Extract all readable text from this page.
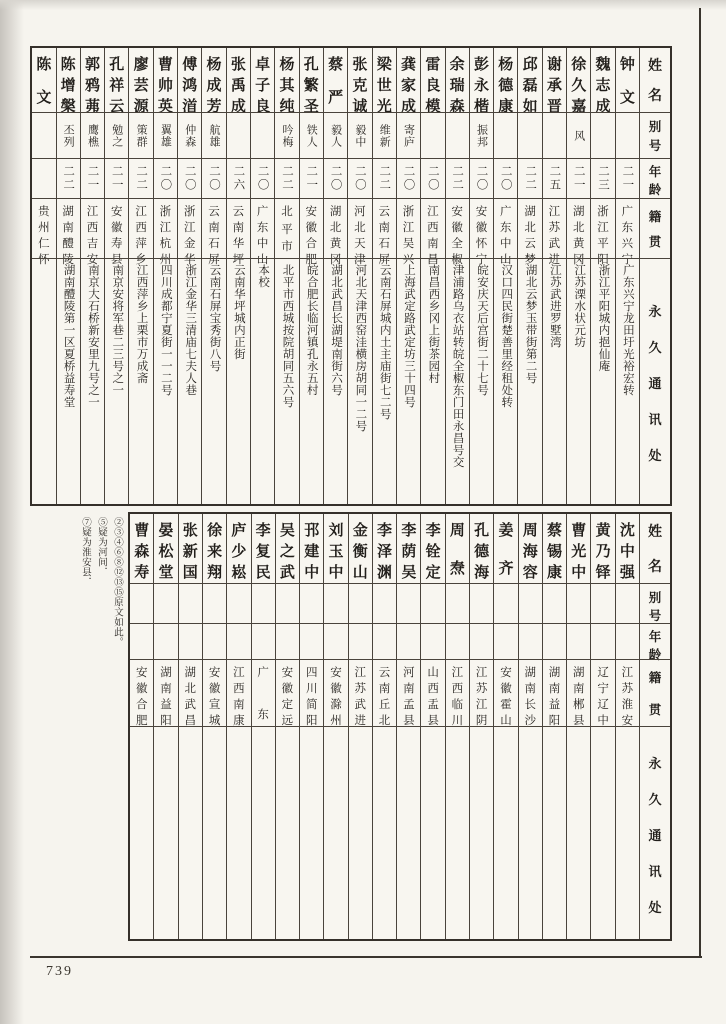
姓
名
别
号
年
龄
籍
贯
永
久
通
讯
处
钟
文
二一
广
东
兴
宁
广东兴宁龙田圩光裕宏转
魏
志
成
二三
浙
江
平
阳
浙江平阳城内挹仙庵
徐
久
嘉
风
二一
湖
北
黄
冈
江苏溧水状元坊
谢
承
晋
二五
江
苏
武
进
江苏武进罗墅湾
邱
磊
如
二二
湖
北
云
梦
湖北云梦玉带街第二号
杨
德
康
二〇
广
东
中
山
汉口四民街楚善里经租处转
彭
永
楷
振邦
二〇
安
徽
怀
宁
皖安庆天后宫街二十七号
余
瑞
森
二二
安
徽
全
椒
津浦路乌衣站转皖全椒东门田永昌号交
雷
良
模
二〇
江
西
南
昌
南昌西乡冈上街茶园村
龚
家
成
寄庐
二〇
浙
江
吴
兴
上海武定路武定坊三十四号
梁
世
光
维新
二二
云
南
石
屏
云南石屏城内土主庙街七二号
张
克
诚
毅中
二〇
河
北
天
津
河北天津西窑洼横房胡同一二号
蔡
严
毅人
二〇
湖
北
黄
冈
湖北武昌长湖堤南街六号
孔
繁
圣
铁人
二一
安
徽
合
肥
皖合肥长临河镇孔永五村
杨
其
纯
吟梅
二二
北
平
市
北平市西城按院胡同五六号
卓
子
良
二〇
广
东
中
山
本校
张
禹
成
二六
云
南
华
坪
云南华坪城内正街
杨
成
芳
航雄
二〇
云
南
石
屏
云南石屏宝秀街八号
傅
鸿
渞
仲森
二〇
浙
江
金
华
浙江金华三清庙七夫人巷
曹
帅
英
翼雄
二〇
浙
江
杭
州
四川成都宁夏街一一二号
廖
芸
源
策群
二二
江
西
萍
乡
江西萍乡上栗市万成斋
孔
祥
云
勉之
二一
安
徽
寿
县
南京安将军巷二三号之一
郭
鸦
茀
鹰樵
二一
江
西
吉
安
南京大石桥新安里九号之一
陈
增
槃
丕列
二二
湖
南
醴
陵
湖南醴陵第一区夏桥益寿堂
陈
文
贵
州
仁
怀
②③④⑥⑧⑫⑬⑮原文如此。
⑤疑为河间．
⑦疑为淮安县．	姓
名
别
号
年
龄
籍
贯
永
久
通
讯
处
沈
中
强
江
苏
淮
安
黄
乃
铎
辽
宁
辽
中
曹
光
中
湖
南
郴
县
蔡
锡
康
湖
南
益
阳
周
海
容
湖
南
长
沙
姜
齐
安
徽
霍
山
孔
德
海
江
苏
江
阴
周
焘
江
西
临
川
李
铨
定
山
西
盂
县
李
荫
吴
河
南
孟
县
李
泽
渊
云
南
丘
北
金
衡
山
江
苏
武
进
刘
玉
中
安
徽
滁
州
邘
建
中
四
川
简
阳
吴
之
武
安
徽
定
远
李
复
民
广
东
庐
少
崧
江
西
南
康
徐
来
翔
安
徽
宣
城
张
新
国
湖
北
武
昌
晏
松
堂
湖
南
益
阳
曹
森
寿
安
徽
合
肥
739
